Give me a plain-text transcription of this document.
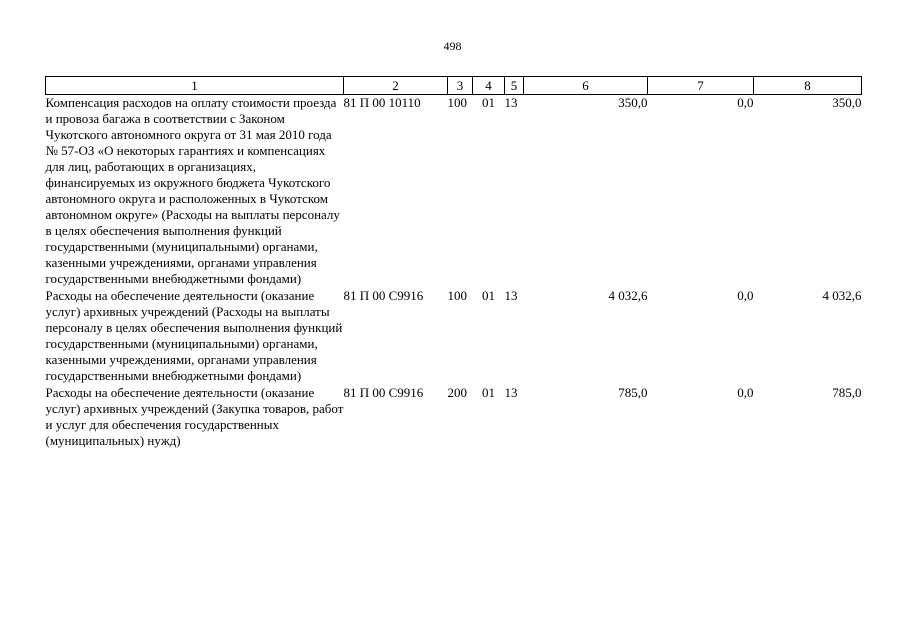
498
1	2	3	4	5	6	7	8
Компенсация расходов на оплату стоимости проезда и провоза багажа в соответствии с Законом Чукотского автономного округа от 31 мая 2010 года № 57-ОЗ «О некоторых гарантиях и компенсациях для лиц, работающих в организациях, финансируемых из окружного бюджета Чукотского автономного округа и расположенных в Чукотском автономном округе» (Расходы на выплаты персоналу в целях обеспечения выполнения функций государственными (муниципальными) органами, казенными учреждениями, органами управления государственными внебюджетными фондами)	81 П 00 10110	100	01	13	350,0	0,0	350,0
Расходы на обеспечение деятельности (оказание услуг) архивных учреждений (Расходы на выплаты персоналу в целях обеспечения выполнения функций государственными (муниципальными) органами, казенными учреждениями, органами управления государственными внебюджетными фондами)	81 П 00 С9916	100	01	13	4 032,6	0,0	4 032,6
Расходы на обеспечение деятельности (оказание услуг) архивных учреждений (Закупка товаров, работ и услуг для обеспечения государственных (муниципальных) нужд)	81 П 00 С9916	200	01	13	785,0	0,0	785,0
